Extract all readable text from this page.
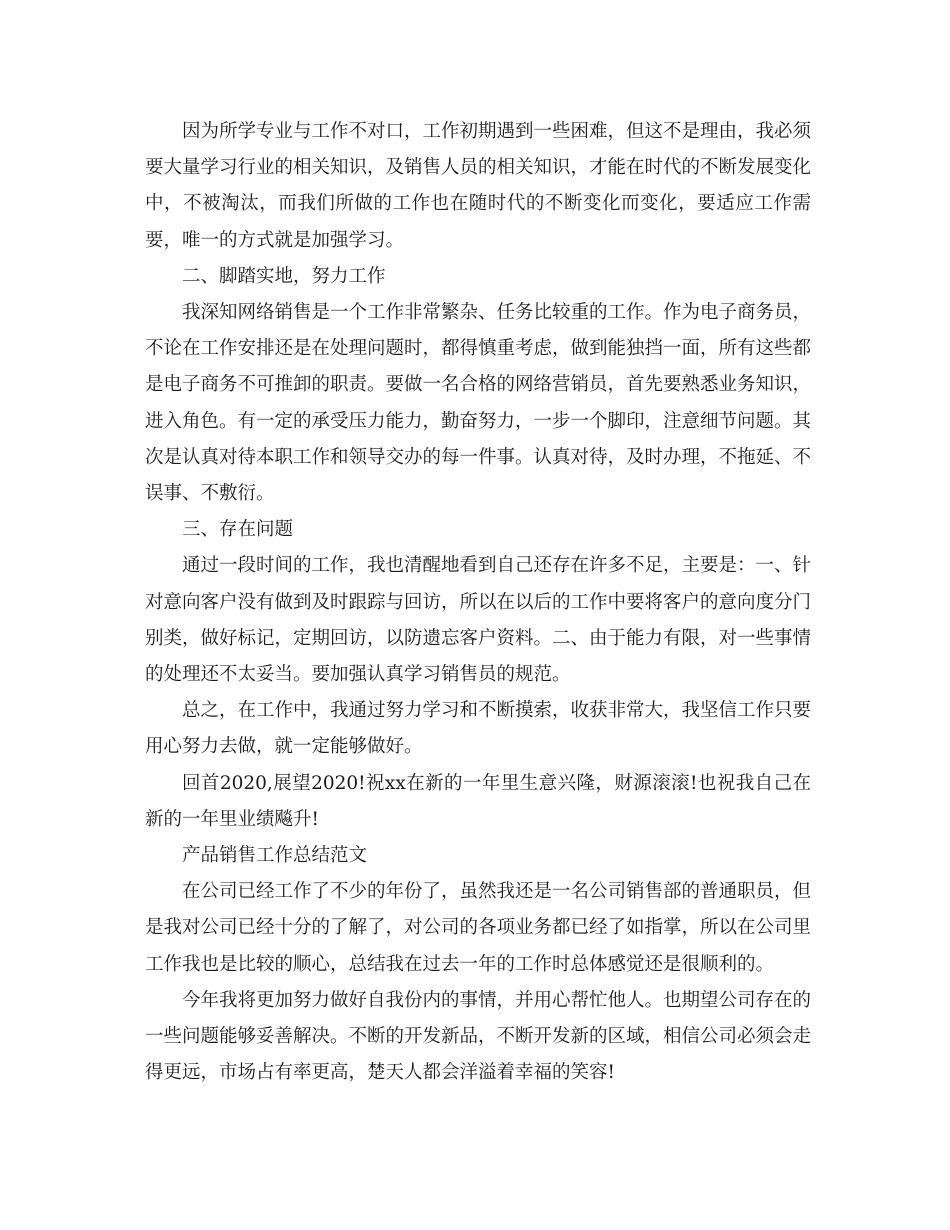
因为所学专业与工作不对口，工作初期遇到一些困难，但这不是理由，我必须要大量学习行业的相关知识，及销售人员的相关知识，才能在时代的不断发展变化中，不被淘汰，而我们所做的工作也在随时代的不断变化而变化，要适应工作需要，唯一的方式就是加强学习。

二、脚踏实地，努力工作

我深知网络销售是一个工作非常繁杂、任务比较重的工作。作为电子商务员，不论在工作安排还是在处理问题时，都得慎重考虑，做到能独挡一面，所有这些都是电子商务不可推卸的职责。要做一名合格的网络营销员，首先要熟悉业务知识，进入角色。有一定的承受压力能力，勤奋努力，一步一个脚印，注意细节问题。其次是认真对待本职工作和领导交办的每一件事。认真对待，及时办理，不拖延、不误事、不敷衍。

三、存在问题

通过一段时间的工作，我也清醒地看到自己还存在许多不足，主要是：一、针对意向客户没有做到及时跟踪与回访，所以在以后的工作中要将客户的意向度分门别类，做好标记，定期回访，以防遗忘客户资料。二、由于能力有限，对一些事情的处理还不太妥当。要加强认真学习销售员的规范。

总之，在工作中，我通过努力学习和不断摸索，收获非常大，我坚信工作只要用心努力去做，就一定能够做好。

回首2020,展望2020!祝xx在新的一年里生意兴隆，财源滚滚!也祝我自己在新的一年里业绩飚升!

产品销售工作总结范文

在公司已经工作了不少的年份了，虽然我还是一名公司销售部的普通职员，但是我对公司已经十分的了解了，对公司的各项业务都已经了如指掌，所以在公司里工作我也是比较的顺心，总结我在过去一年的工作时总体感觉还是很顺利的。

今年我将更加努力做好自我份内的事情，并用心帮忙他人。也期望公司存在的一些问题能够妥善解决。不断的开发新品，不断开发新的区域，相信公司必须会走得更远，市场占有率更高，楚天人都会洋溢着幸福的笑容!
